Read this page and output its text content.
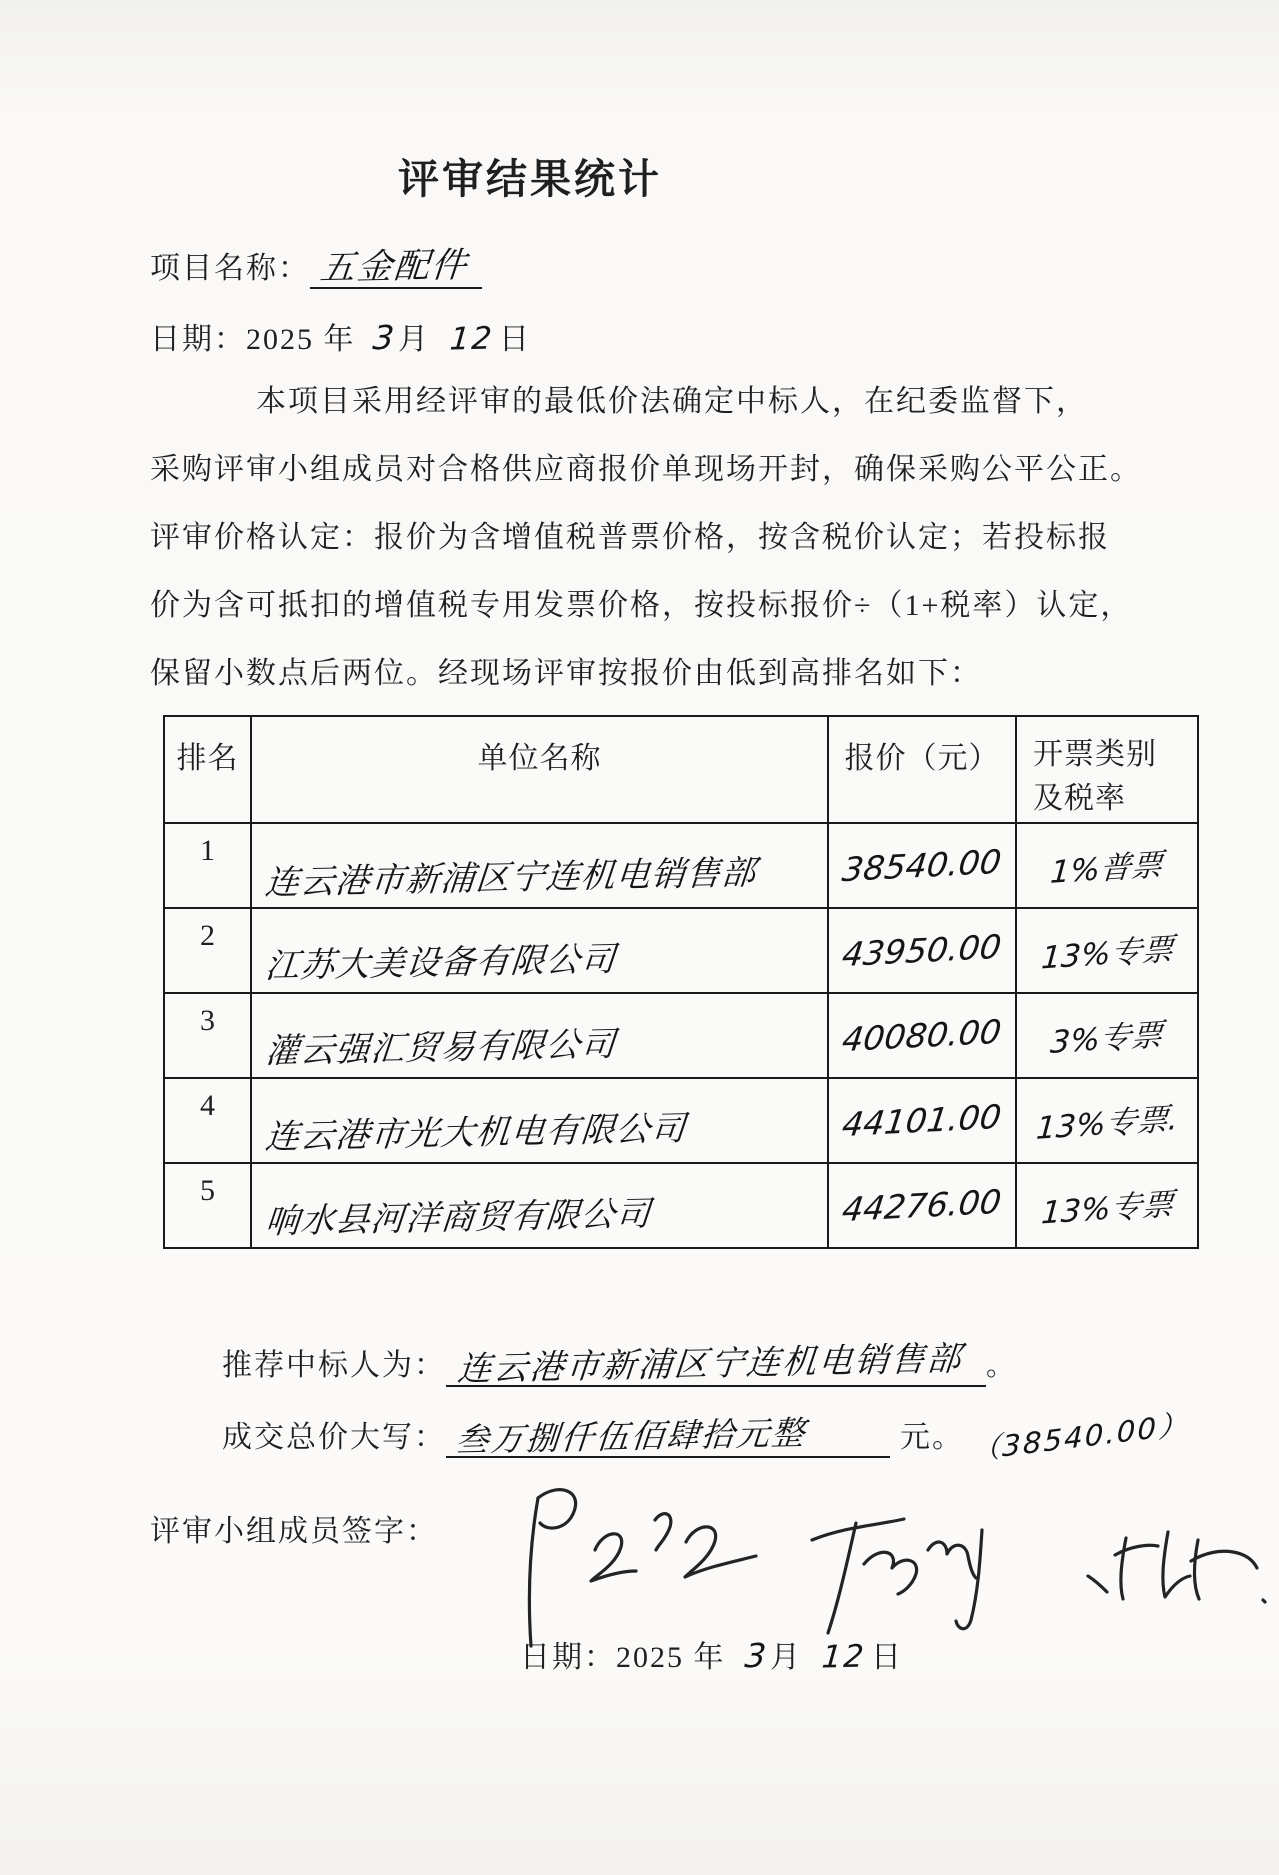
评审结果统计
项目名称： 五金配件
日期：2025 年 3月 12 日
本项目采用经评审的最低价法确定中标人，在纪委监督下，
采购评审小组成员对合格供应商报价单现场开封，确保采购公平公正。
评审价格认定：报价为含增值税普票价格，按含税价认定；若投标报
价为含可抵扣的增值税专用发票价格，按投标报价÷（1+税率）认定，
保留小数点后两位。经现场评审按报价由低到高排名如下：
排名	单位名称	报价（元）	开票类别及税率
1	连云港市新浦区宁连机电销售部	38540.00	1%普票
2	江苏大美设备有限公司	43950.00	13%专票
3	灌云强汇贸易有限公司	40080.00	3%专票
4	连云港市光大机电有限公司	44101.00	13%专票.
5	响水县河洋商贸有限公司	44276.00	13%专票
推荐中标人为： 连云港市新浦区宁连机电销售部 。
成交总价大写： 叁万捌仟伍佰肆拾元整	元。 （38540.00）
评审小组成员签字：
日期：2025 年 3月 12 日
